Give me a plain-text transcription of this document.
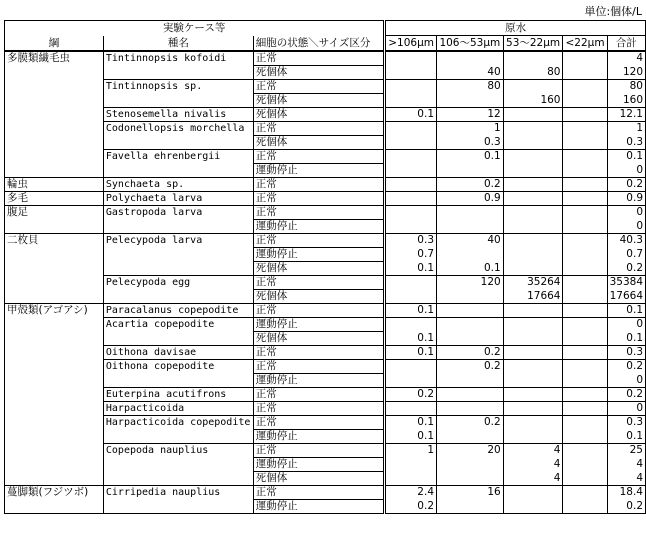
単位:個体/L
実験ケース等			原水				
綱	種名	細胞の状態＼サイズ区分	>106μm	106～53μm	53～22μm	<22μm	合計
多膜類繊毛虫	Tintinnopsis kofoidi	正常					4
		死個体		40	80		120
	Tintinnopsis sp.	正常		80			80
		死個体			160		160
	Stenosemella nivalis	死個体	0.1	12			12.1
	Codonellopsis morchella	正常		1			1
		死個体		0.3			0.3
	Favella ehrenbergii	正常		0.1			0.1
		運動停止					0
輪虫	Synchaeta sp.	正常		0.2			0.2
多毛	Polychaeta larva	正常		0.9			0.9
腹足	Gastropoda larva	正常					0
		運動停止					0
二枚貝	Pelecypoda larva	正常	0.3	40			40.3
		運動停止	0.7				0.7
		死個体	0.1	0.1			0.2
	Pelecypoda egg	正常		120	35264		35384
		死個体			17664		17664
甲殻類(アゴアシ)	Paracalanus copepodite	正常	0.1				0.1
	Acartia copepodite	運動停止					0
		死個体	0.1				0.1
	Oithona davisae	正常	0.1	0.2			0.3
	Oithona copepodite	正常		0.2			0.2
		運動停止					0
	Euterpina acutifrons	正常	0.2				0.2
	Harpacticoida	正常					0
	Harpacticoida copepodite	正常	0.1	0.2			0.3
		運動停止	0.1				0.1
	Copepoda nauplius	正常	1	20	4		25
		運動停止			4		4
		死個体			4		4
蔓脚類(フジツボ)	Cirripedia nauplius	正常	2.4	16			18.4
		運動停止	0.2				0.2
